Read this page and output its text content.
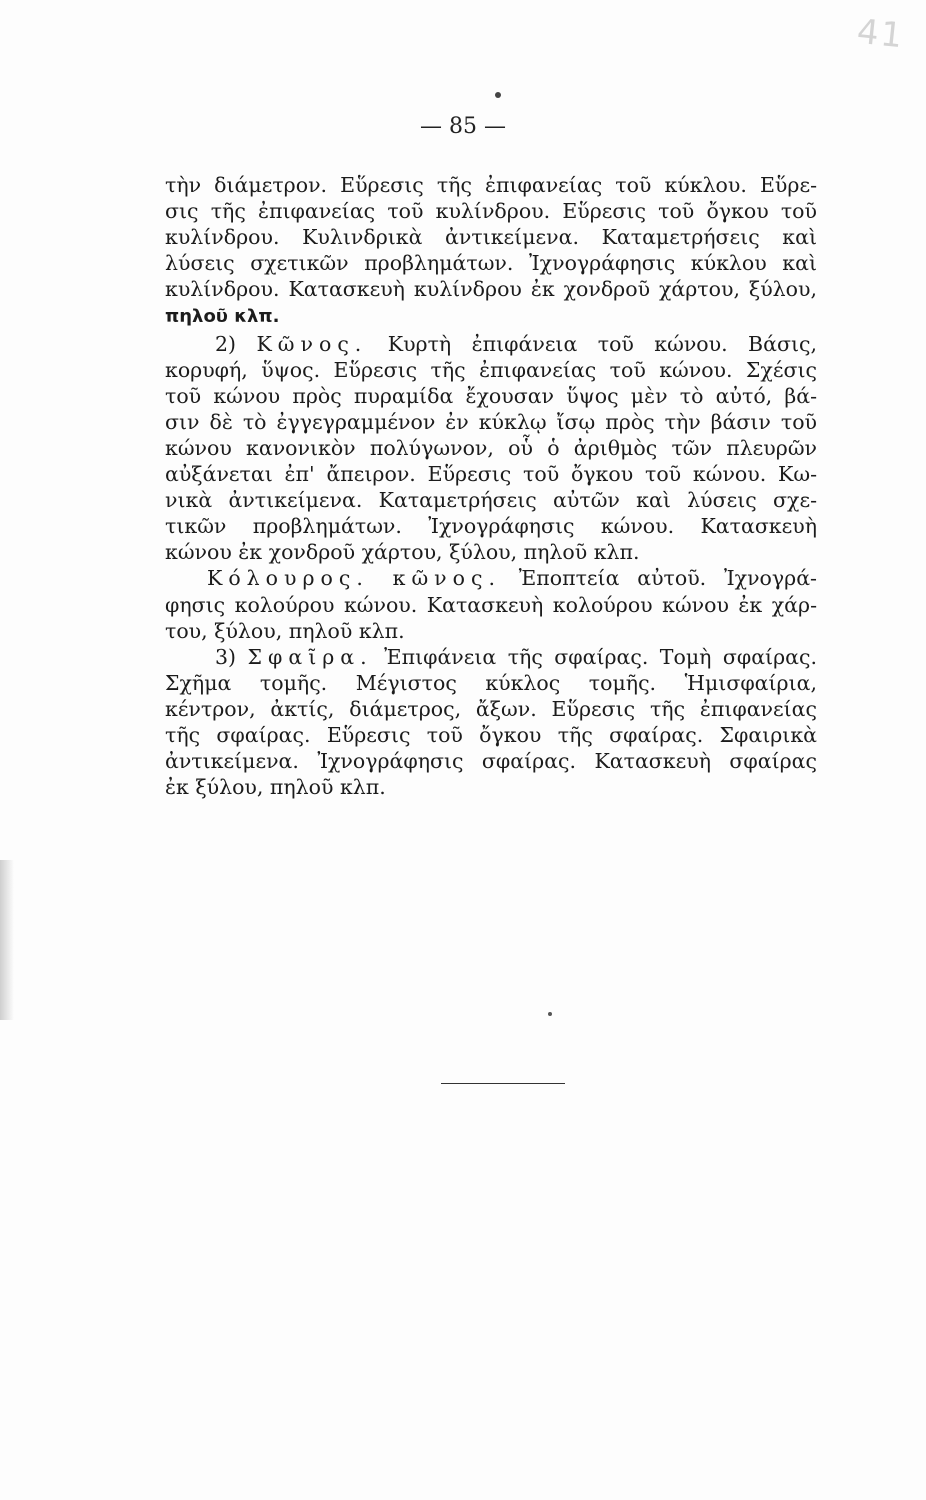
41
— 85 —
τὴν διάμετρον. Εὕρεσις τῆς ἐπιφανείας τοῦ κύκλου. Εὕρε-
σις τῆς ἐπιφανείας τοῦ κυλίνδρου. Εὕρεσις τοῦ ὄγκου τοῦ
κυλίνδρου. Κυλινδρικὰ ἀντικείμενα. Καταμετρήσεις καὶ
λύσεις σχετικῶν προβλημάτων. Ἰχνογράφησις κύκλου καὶ
κυλίνδρου. Κατασκευὴ κυλίνδρου ἐκ χονδροῦ χάρτου, ξύλου,
πηλοῦ κλπ.
2) Κῶνος. Κυρτὴ ἐπιφάνεια τοῦ κώνου. Βάσις,
κορυφή, ὕψος. Εὕρεσις τῆς ἐπιφανείας τοῦ κώνου. Σχέσις
τοῦ κώνου πρὸς πυραμίδα ἔχουσαν ὕψος μὲν τὸ αὐτό, βά-
σιν δὲ τὸ ἐγγεγραμμένον ἐν κύκλῳ ἴσῳ πρὸς τὴν βάσιν τοῦ
κώνου κανονικὸν πολύγωνον, οὗ ὁ ἀριθμὸς τῶν πλευρῶν
αὐξάνεται ἐπ' ἄπειρον. Εὕρεσις τοῦ ὄγκου τοῦ κώνου. Κω-
νικὰ ἀντικείμενα. Καταμετρήσεις αὐτῶν καὶ λύσεις σχε-
τικῶν προβλημάτων. Ἰχνογράφησις κώνου. Κατασκευὴ
κώνου ἐκ χονδροῦ χάρτου, ξύλου, πηλοῦ κλπ.
Κόλουρος. κῶνος. Ἐποπτεία αὐτοῦ. Ἰχνογρά-
φησις κολούρου κώνου. Κατασκευὴ κολούρου κώνου ἐκ χάρ-
του, ξύλου, πηλοῦ κλπ.
3) Σφαῖρα. Ἐπιφάνεια τῆς σφαίρας. Τομὴ σφαίρας.
Σχῆμα τομῆς. Μέγιστος κύκλος τομῆς. Ἡμισφαίρια,
κέντρον, ἀκτίς, διάμετρος, ἄξων. Εὕρεσις τῆς ἐπιφανείας
τῆς σφαίρας. Εὕρεσις τοῦ ὄγκου τῆς σφαίρας. Σφαιρικὰ
ἀντικείμενα. Ἰχνογράφησις σφαίρας. Κατασκευὴ σφαίρας
ἐκ ξύλου, πηλοῦ κλπ.
